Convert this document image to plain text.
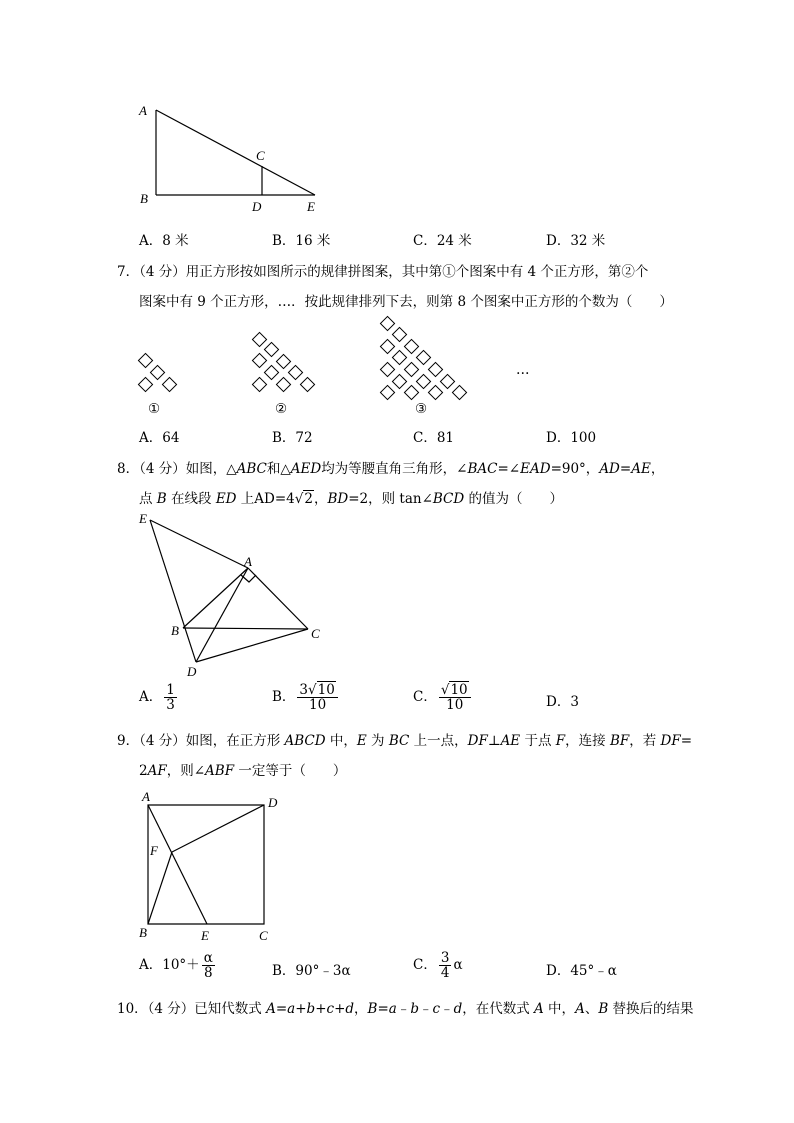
A
B
C
D	E
A．8 米	B．16 米	C．24 米	D．32 米
7．（4 分）用正方形按如图所示的规律拼图案，其中第①个图案中有 4 个正方形，第②个
图案中有 9 个正方形，…．按此规律排列下去，则第 8 个图案中正方形的个数为（　　）
①	②	③
…
A．64	B．72	C．81	D．100
8．（4 分）如图，△ABC和△AED均为等腰直角三角形，∠BAC=∠EAD=90°，AD=AE，
点 B 在线段 ED 上AD=4√2，BD=2，则 tan∠BCD 的值为（　　）
E
A
B	C
D
A． $\frac{1}{3}$	B． $\frac{3√10}{10}$	C． $\frac{√10}{10}$	D．3
9．（4 分）如图，在正方形 ABCD 中，E 为 BC 上一点，DF⊥AE 于点 F，连接 BF，若 DF=
2AF，则∠ABF 一定等于（　　）
A	D
F
B	E	C
A．$10^\circ+ \frac{\alpha}{8}$	B．90°﹣3α	C． $\frac{3}{4}$ α	D．45°﹣α
10．（4 分）已知代数式 A=a+b+c+d，B=a﹣b﹣c﹣d，在代数式 A 中，A、B 替换后的结果
